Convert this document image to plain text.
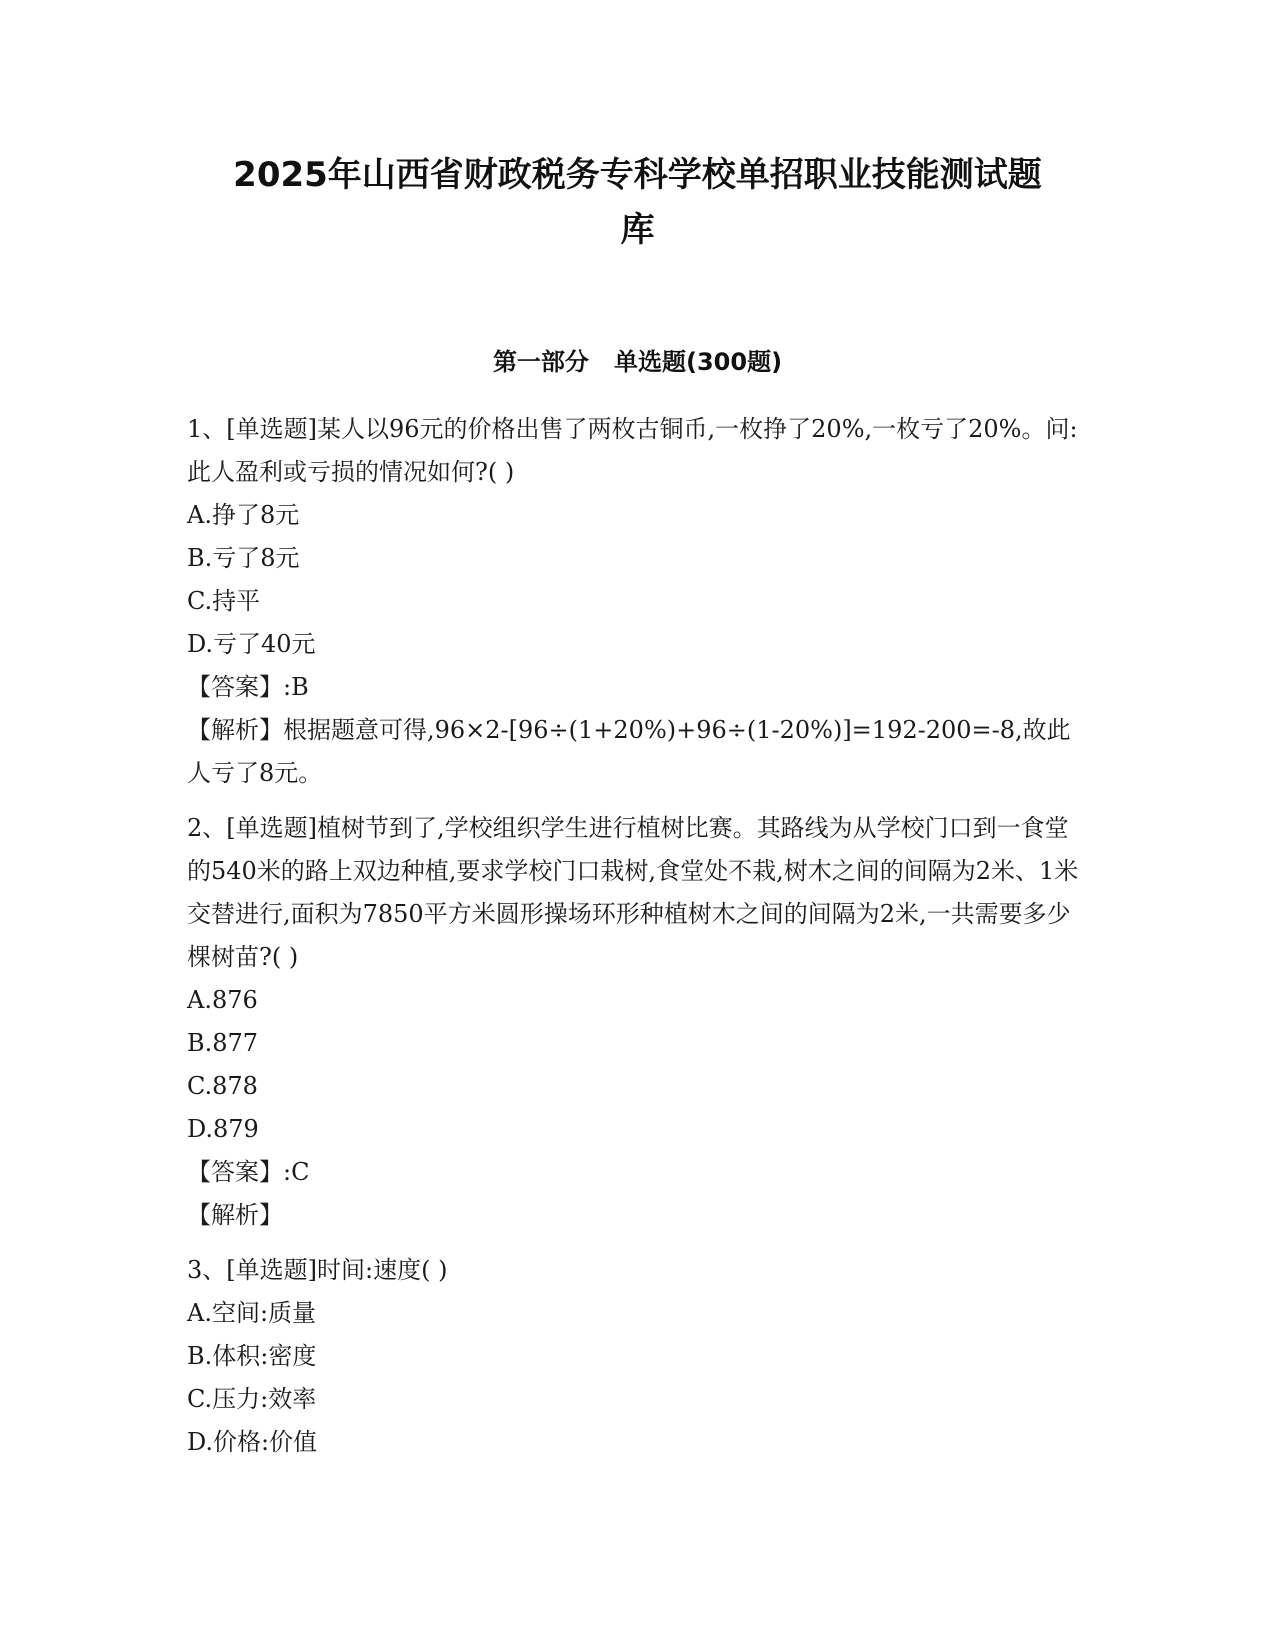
2025年山西省财政税务专科学校单招职业技能测试题
库
第一部分   单选题(300题)

1、[单选题]某人以96元的价格出售了两枚古铜币,一枚挣了20%,一枚亏了20%。问:此人盈利或亏损的情况如何?( )

A.挣了8元

B.亏了8元

C.持平

D.亏了40元

【答案】:B

【解析】根据题意可得,96×2-[96÷(1+20%)+96÷(1-20%)]=192-200=-8,故此人亏了8元。

2、[单选题]植树节到了,学校组织学生进行植树比赛。其路线为从学校门口到一食堂的540米的路上双边种植,要求学校门口栽树,食堂处不栽,树木之间的间隔为2米、1米交替进行,面积为7850平方米圆形操场环形种植树木之间的间隔为2米,一共需要多少棵树苗?( )

A.876

B.877

C.878

D.879

【答案】:C

【解析】

3、[单选题]时间:速度( )

A.空间:质量

B.体积:密度

C.压力:效率

D.价格:价值
